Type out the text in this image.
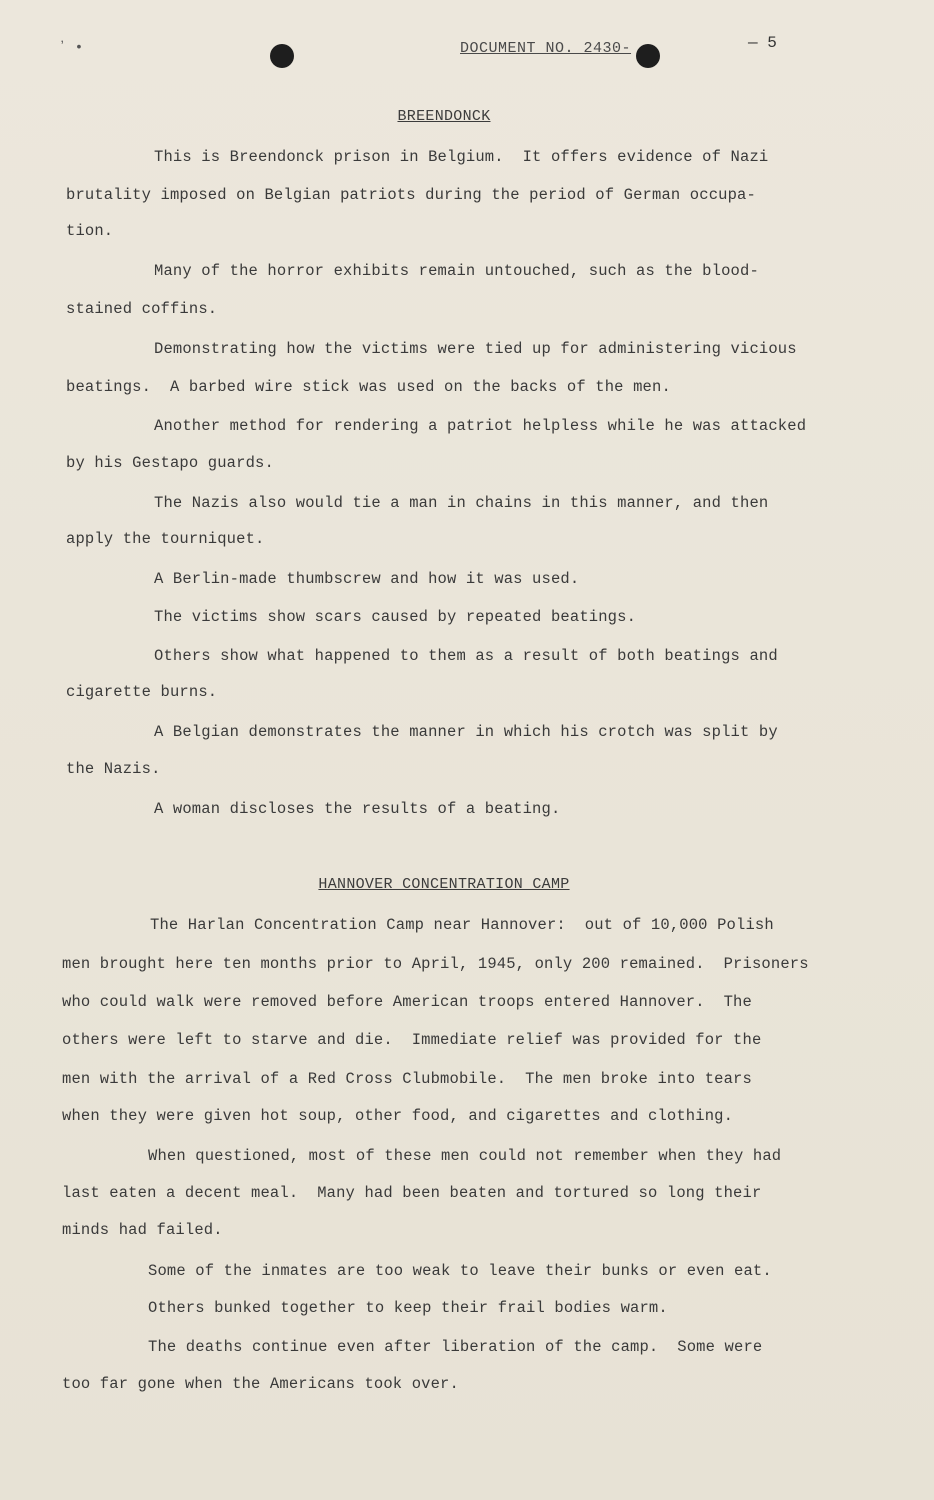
ʼ •	DOCUMENT NO. 2430-	— 5
BREENDONCK
This is Breendonck prison in Belgium.  It offers evidence of Nazi
brutality imposed on Belgian patriots during the period of German occupa-
tion.
Many of the horror exhibits remain untouched, such as the blood-
stained coffins.
Demonstrating how the victims were tied up for administering vicious
beatings.  A barbed wire stick was used on the backs of the men.
Another method for rendering a patriot helpless while he was attacked
by his Gestapo guards.
The Nazis also would tie a man in chains in this manner, and then
apply the tourniquet.
A Berlin-made thumbscrew and how it was used.
The victims show scars caused by repeated beatings.
Others show what happened to them as a result of both beatings and
cigarette burns.
A Belgian demonstrates the manner in which his crotch was split by
the Nazis.
A woman discloses the results of a beating.
HANNOVER CONCENTRATION CAMP
The Harlan Concentration Camp near Hannover:  out of 10,000 Polish
men brought here ten months prior to April, 1945, only 200 remained.  Prisoners
who could walk were removed before American troops entered Hannover.  The
others were left to starve and die.  Immediate relief was provided for the
men with the arrival of a Red Cross Clubmobile.  The men broke into tears
when they were given hot soup, other food, and cigarettes and clothing.
When questioned, most of these men could not remember when they had
last eaten a decent meal.  Many had been beaten and tortured so long their
minds had failed.
Some of the inmates are too weak to leave their bunks or even eat.
Others bunked together to keep their frail bodies warm.
The deaths continue even after liberation of the camp.  Some were
too far gone when the Americans took over.
